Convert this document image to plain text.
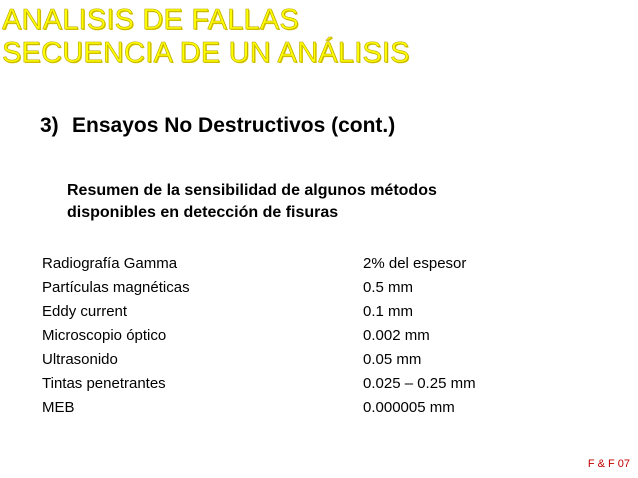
ANALISIS DE FALLAS
SECUENCIA DE UN ANÁLISIS
3) Ensayos No Destructivos (cont.)
Resumen de la sensibilidad de algunos métodos
disponibles en detección de fisuras
Radiografía Gamma	2% del espesor
Partículas magnéticas	0.5 mm
Eddy current	0.1 mm
Microscopio óptico	0.002 mm
Ultrasonido	0.05 mm
Tintas penetrantes	0.025 – 0.25 mm
MEB	0.000005 mm
F & F 07
